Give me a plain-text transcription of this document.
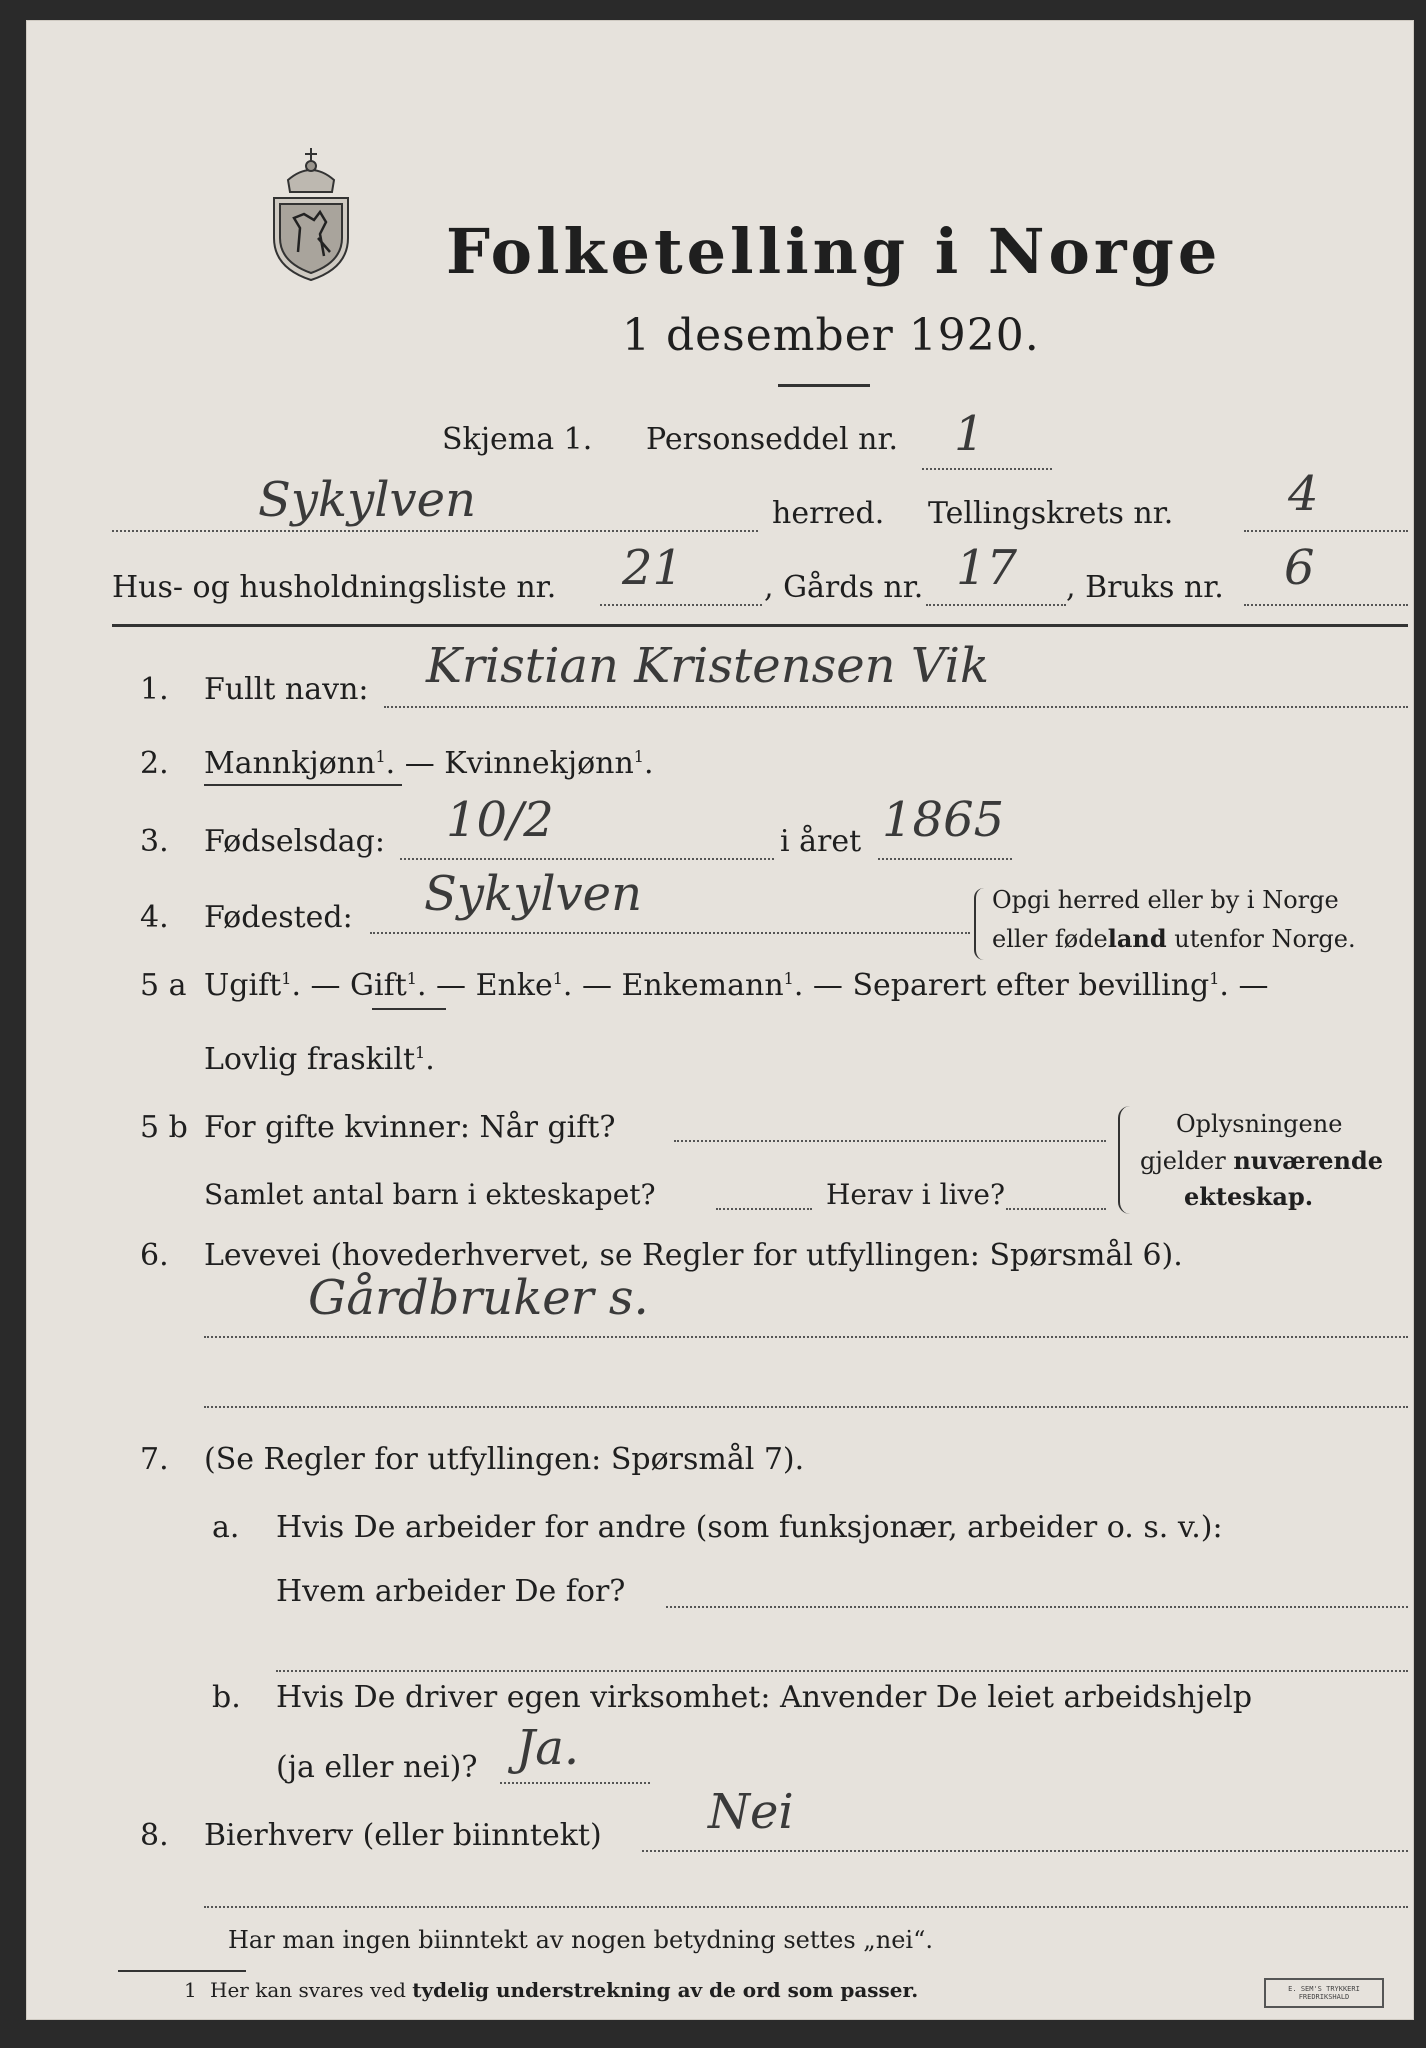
Folketelling i Norge
1 desember 1920.
Skjema 1. Personseddel nr. 1
Sykylven	herred. Tellingskrets nr. 4
Hus- og husholdningsliste nr. 21	, Gårds nr. 17 , Bruks nr. 6
1. Fullt navn: Kristian Kristensen Vik
2. Mannkjønn$^1$. — Kvinnekjønn$^1$.
3. Fødselsdag: 10/2	i året 1865
4. Fødested: Sykylven	Opgi herred eller by i Norge
eller fødeland utenfor Norge.
5 a Ugift$^1$. — Gift$^1$. — Enke$^1$. — Enkemann$^1$. — Separert efter bevilling$^1$. —
Lovlig fraskilt$^1$.
5 b For gifte kvinner: Når gift?
Samlet antal barn i ekteskapet?	Herav i live?
Oplysningene
gjelder nuværende
ekteskap.
6. Levevei (hovederhvervet, se Regler for utfyllingen: Spørsmål 6).
Gårdbruker s.
7. (Se Regler for utfyllingen: Spørsmål 7).
a. Hvis De arbeider for andre (som funksjonær, arbeider o. s. v.):
Hvem arbeider De for?
b. Hvis De driver egen virksomhet: Anvender De leiet arbeidshjelp
(ja eller nei)? Ja.
8. Bierhverv (eller biinntekt) Nei
Har man ingen biinntekt av nogen betydning settes „nei“.
1 Her kan svares ved tydelig understrekning av de ord som passer.	E. SEM'S TRYKKERI FREDRIKSHALD
